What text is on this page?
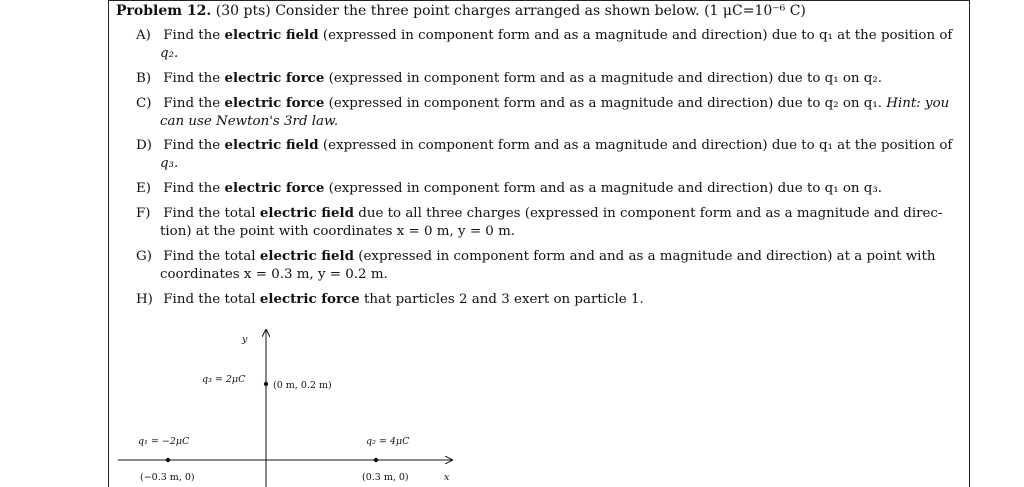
Problem 12. (30 pts) Consider the three point charges arranged as shown below. (1 μC=10⁻⁶ C)
A) Find the electric field (expressed in component form and as a magnitude and direction) due to q₁ at the position of
q₂.
B) Find the electric force (expressed in component form and as a magnitude and direction) due to q₁ on q₂.
C) Find the electric force (expressed in component form and as a magnitude and direction) due to q₂ on q₁. Hint: you
can use Newton's 3rd law.
D) Find the electric field (expressed in component form and as a magnitude and direction) due to q₁ at the position of
q₃.
E) Find the electric force (expressed in component form and as a magnitude and direction) due to q₁ on q₃.
F) Find the total electric field due to all three charges (expressed in component form and as a magnitude and direc-
tion) at the point with coordinates x = 0 m, y = 0 m.
G) Find the total electric field (expressed in component form and and as a magnitude and direction) at a point with
coordinates x = 0.3 m, y = 0.2 m.
H) Find the total electric force that particles 2 and 3 exert on particle 1.
y
x
q₃ = 2μC
(0 m, 0.2 m)
q₁ = −2μC
(−0.3 m, 0)
q₂ = 4μC
(0.3 m, 0)
